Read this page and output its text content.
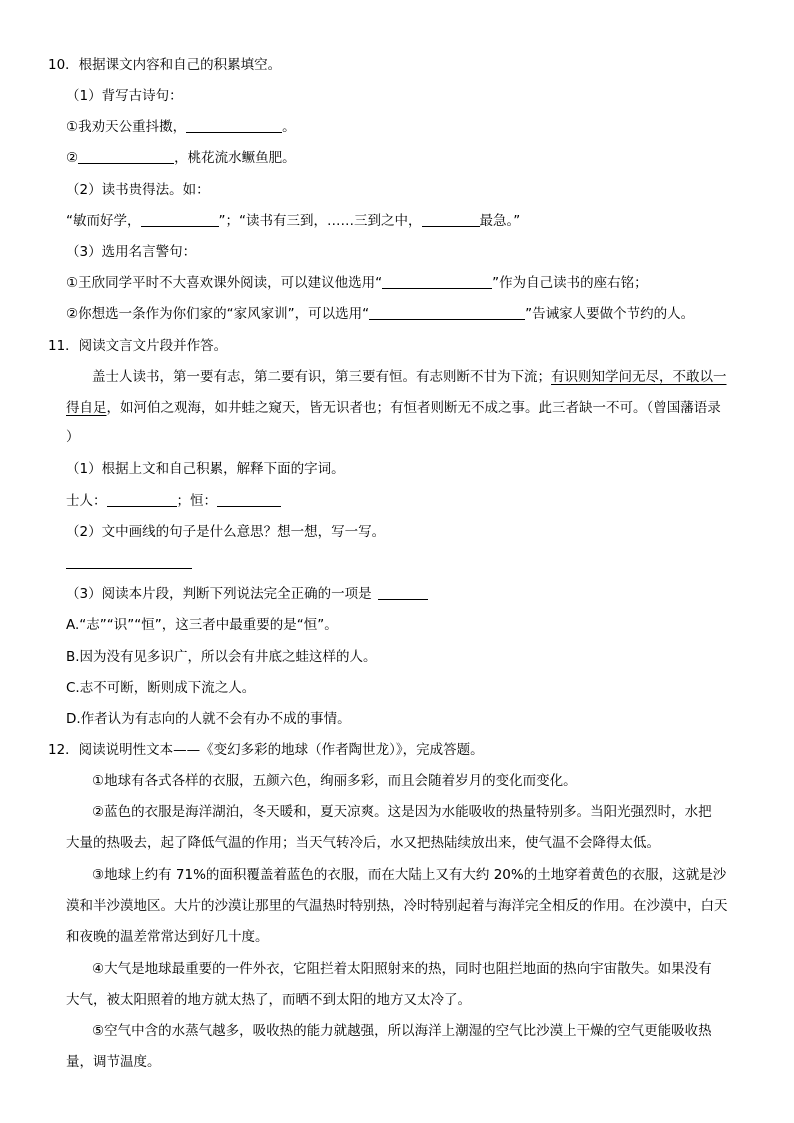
10．根据课文内容和自己的积累填空。
（1）背写古诗句：
①我劝天公重抖擞，	。
②	，桃花流水鳜鱼肥。
（2）读书贵得法。如：
“敏而好学，	”；“读书有三到，……三到之中，	最急。”
（3）选用名言警句：
①王欣同学平时不大喜欢课外阅读，可以建议他选用“	”作为自己读书的座右铭；
②你想选一条作为你们家的“家风家训”，可以选用“	”告诫家人要做个节约的人。
11．阅读文言文片段并作答。
盖士人读书，第一要有志，第二要有识，第三要有恒。有志则断不甘为下流；有识则知学问无尽，不敢以一
得自足，如河伯之观海，如井蛙之窥天，皆无识者也；有恒者则断无不成之事。此三者缺一不可。（曾国藩语录
）
（1）根据上文和自己积累，解释下面的字词。
士人：	；恒：
（2）文中画线的句子是什么意思？想一想，写一写。
（3）阅读本片段，判断下列说法完全正确的一项是
A.“志”“识”“恒”，这三者中最重要的是“恒”。
B.因为没有见多识广，所以会有井底之蛙这样的人。
C.志不可断，断则成下流之人。
D.作者认为有志向的人就不会有办不成的事情。
12．阅读说明性文本——《变幻多彩的地球（作者陶世龙）》，完成答题。
①地球有各式各样的衣服，五颜六色，绚丽多彩，而且会随着岁月的变化而变化。
②蓝色的衣服是海洋湖泊，冬天暖和，夏天凉爽。这是因为水能吸收的热量特别多。当阳光强烈时，水把
大量的热吸去，起了降低气温的作用；当天气转冷后，水又把热陆续放出来，使气温不会降得太低。
③地球上约有 71%的面积覆盖着蓝色的衣服，而在大陆上又有大约 20%的土地穿着黄色的衣服，这就是沙
漠和半沙漠地区。大片的沙漠让那里的气温热时特别热，冷时特别起着与海洋完全相反的作用。在沙漠中，白天
和夜晚的温差常常达到好几十度。
④大气是地球最重要的一件外衣，它阻拦着太阳照射来的热，同时也阻拦地面的热向宇宙散失。如果没有
大气，被太阳照着的地方就太热了，而晒不到太阳的地方又太冷了。
⑤空气中含的水蒸气越多，吸收热的能力就越强，所以海洋上潮湿的空气比沙漠上干燥的空气更能吸收热
量，调节温度。
